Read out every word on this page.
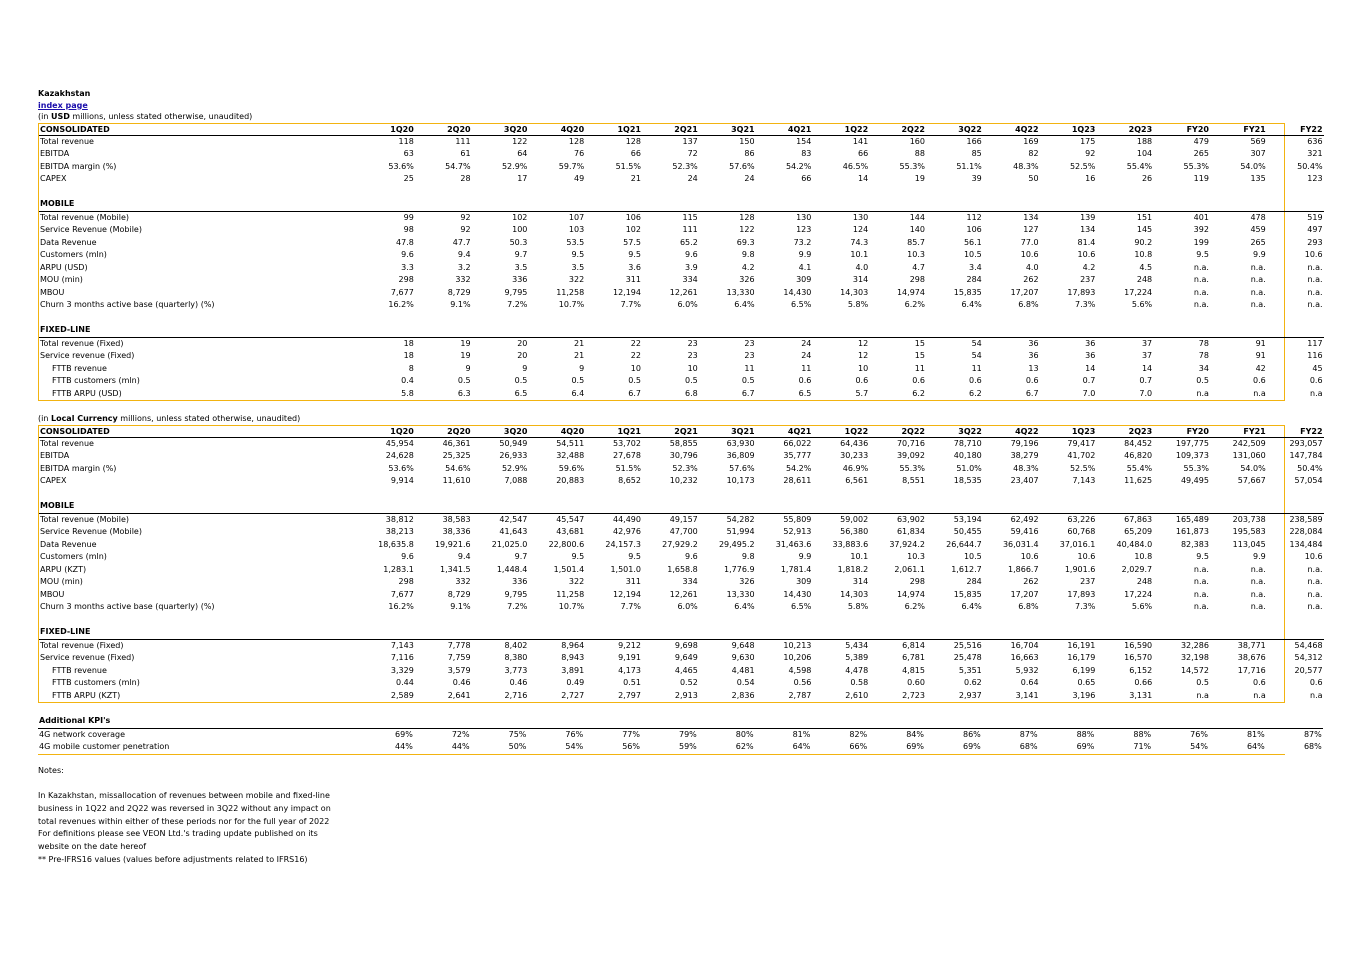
Kazakhstan
index page
(in USD millions, unless stated otherwise, unaudited)
CONSOLIDATED	1Q20	2Q20	3Q20	4Q20	1Q21	2Q21	3Q21	4Q21	1Q22	2Q22	3Q22	4Q22	1Q23	2Q23	FY20	FY21	FY22
Total revenue	118	111	122	128	128	137	150	154	141	160	166	169	175	188	479	569	636
EBITDA	63	61	64	76	66	72	86	83	66	88	85	82	92	104	265	307	321
EBITDA margin (%)	53.6%	54.7%	52.9%	59.7%	51.5%	52.3%	57.6%	54.2%	46.5%	55.3%	51.1%	48.3%	52.5%	55.4%	55.3%	54.0%	50.4%
CAPEX	25	28	17	49	21	24	24	66	14	19	39	50	16	26	119	135	123

MOBILE																	
Total revenue (Mobile)	99	92	102	107	106	115	128	130	130	144	112	134	139	151	401	478	519
Service Revenue (Mobile)	98	92	100	103	102	111	122	123	124	140	106	127	134	145	392	459	497
Data Revenue	47.8	47.7	50.3	53.5	57.5	65.2	69.3	73.2	74.3	85.7	56.1	77.0	81.4	90.2	199	265	293
Customers (mln)	9.6	9.4	9.7	9.5	9.5	9.6	9.8	9.9	10.1	10.3	10.5	10.6	10.6	10.8	9.5	9.9	10.6
ARPU (USD)	3.3	3.2	3.5	3.5	3.6	3.9	4.2	4.1	4.0	4.7	3.4	4.0	4.2	4.5	n.a.	n.a.	n.a.
MOU (min)	298	332	336	322	311	334	326	309	314	298	284	262	237	248	n.a.	n.a.	n.a.
MBOU	7,677	8,729	9,795	11,258	12,194	12,261	13,330	14,430	14,303	14,974	15,835	17,207	17,893	17,224	n.a.	n.a.	n.a.
Churn 3 months active base (quarterly) (%)	16.2%	9.1%	7.2%	10.7%	7.7%	6.0%	6.4%	6.5%	5.8%	6.2%	6.4%	6.8%	7.3%	5.6%	n.a.	n.a.	n.a.

FIXED-LINE																	
Total revenue (Fixed)	18	19	20	21	22	23	23	24	12	15	54	36	36	37	78	91	117
Service revenue (Fixed)	18	19	20	21	22	23	23	24	12	15	54	36	36	37	78	91	116
FTTB revenue	8	9	9	9	10	10	11	11	10	11	11	13	14	14	34	42	45
FTTB customers (mln)	0.4	0.5	0.5	0.5	0.5	0.5	0.5	0.6	0.6	0.6	0.6	0.6	0.7	0.7	0.5	0.6	0.6
FTTB ARPU (USD)	5.8	6.3	6.5	6.4	6.7	6.8	6.7	6.5	5.7	6.2	6.2	6.7	7.0	7.0	n.a	n.a	n.a
(in Local Currency millions, unless stated otherwise, unaudited)
CONSOLIDATED	1Q20	2Q20	3Q20	4Q20	1Q21	2Q21	3Q21	4Q21	1Q22	2Q22	3Q22	4Q22	1Q23	2Q23	FY20	FY21	FY22
Total revenue	45,954	46,361	50,949	54,511	53,702	58,855	63,930	66,022	64,436	70,716	78,710	79,196	79,417	84,452	197,775	242,509	293,057
EBITDA	24,628	25,325	26,933	32,488	27,678	30,796	36,809	35,777	30,233	39,092	40,180	38,279	41,702	46,820	109,373	131,060	147,784
EBITDA margin (%)	53.6%	54.6%	52.9%	59.6%	51.5%	52.3%	57.6%	54.2%	46.9%	55.3%	51.0%	48.3%	52.5%	55.4%	55.3%	54.0%	50.4%
CAPEX	9,914	11,610	7,088	20,883	8,652	10,232	10,173	28,611	6,561	8,551	18,535	23,407	7,143	11,625	49,495	57,667	57,054

MOBILE																	
Total revenue (Mobile)	38,812	38,583	42,547	45,547	44,490	49,157	54,282	55,809	59,002	63,902	53,194	62,492	63,226	67,863	165,489	203,738	238,589
Service Revenue (Mobile)	38,213	38,336	41,643	43,681	42,976	47,700	51,994	52,913	56,380	61,834	50,455	59,416	60,768	65,209	161,873	195,583	228,084
Data Revenue	18,635.8	19,921.6	21,025.0	22,800.6	24,157.3	27,929.2	29,495.2	31,463.6	33,883.6	37,924.2	26,644.7	36,031.4	37,016.1	40,484.0	82,383	113,045	134,484
Customers (mln)	9.6	9.4	9.7	9.5	9.5	9.6	9.8	9.9	10.1	10.3	10.5	10.6	10.6	10.8	9.5	9.9	10.6
ARPU (KZT)	1,283.1	1,341.5	1,448.4	1,501.4	1,501.0	1,658.8	1,776.9	1,781.4	1,818.2	2,061.1	1,612.7	1,866.7	1,901.6	2,029.7	n.a.	n.a.	n.a.
MOU (min)	298	332	336	322	311	334	326	309	314	298	284	262	237	248	n.a.	n.a.	n.a.
MBOU	7,677	8,729	9,795	11,258	12,194	12,261	13,330	14,430	14,303	14,974	15,835	17,207	17,893	17,224	n.a.	n.a.	n.a.
Churn 3 months active base (quarterly) (%)	16.2%	9.1%	7.2%	10.7%	7.7%	6.0%	6.4%	6.5%	5.8%	6.2%	6.4%	6.8%	7.3%	5.6%	n.a.	n.a.	n.a.

FIXED-LINE																	
Total revenue (Fixed)	7,143	7,778	8,402	8,964	9,212	9,698	9,648	10,213	5,434	6,814	25,516	16,704	16,191	16,590	32,286	38,771	54,468
Service revenue (Fixed)	7,116	7,759	8,380	8,943	9,191	9,649	9,630	10,206	5,389	6,781	25,478	16,663	16,179	16,570	32,198	38,676	54,312
FTTB revenue	3,329	3,579	3,773	3,891	4,173	4,465	4,481	4,598	4,478	4,815	5,351	5,932	6,199	6,152	14,572	17,716	20,577
FTTB customers (mln)	0.44	0.46	0.46	0.49	0.51	0.52	0.54	0.56	0.58	0.60	0.62	0.64	0.65	0.66	0.5	0.6	0.6
FTTB ARPU (KZT)	2,589	2,641	2,716	2,727	2,797	2,913	2,836	2,787	2,610	2,723	2,937	3,141	3,196	3,131	n.a	n.a	n.a
Additional KPI's																	
4G network coverage	69%	72%	75%	76%	77%	79%	80%	81%	82%	84%	86%	87%	88%	88%	76%	81%	87%
4G mobile customer penetration	44%	44%	50%	54%	56%	59%	62%	64%	66%	69%	69%	68%	69%	71%	54%	64%	68%
Notes:
In Kazakhstan, missallocation of revenues between mobile and fixed-line
business in 1Q22 and 2Q22 was reversed in 3Q22 without any impact on
total revenues within either of these periods nor for the full year of 2022
For definitions please see VEON Ltd.'s trading update published on its
website on the date hereof
** Pre-IFRS16 values (values before adjustments related to IFRS16)
